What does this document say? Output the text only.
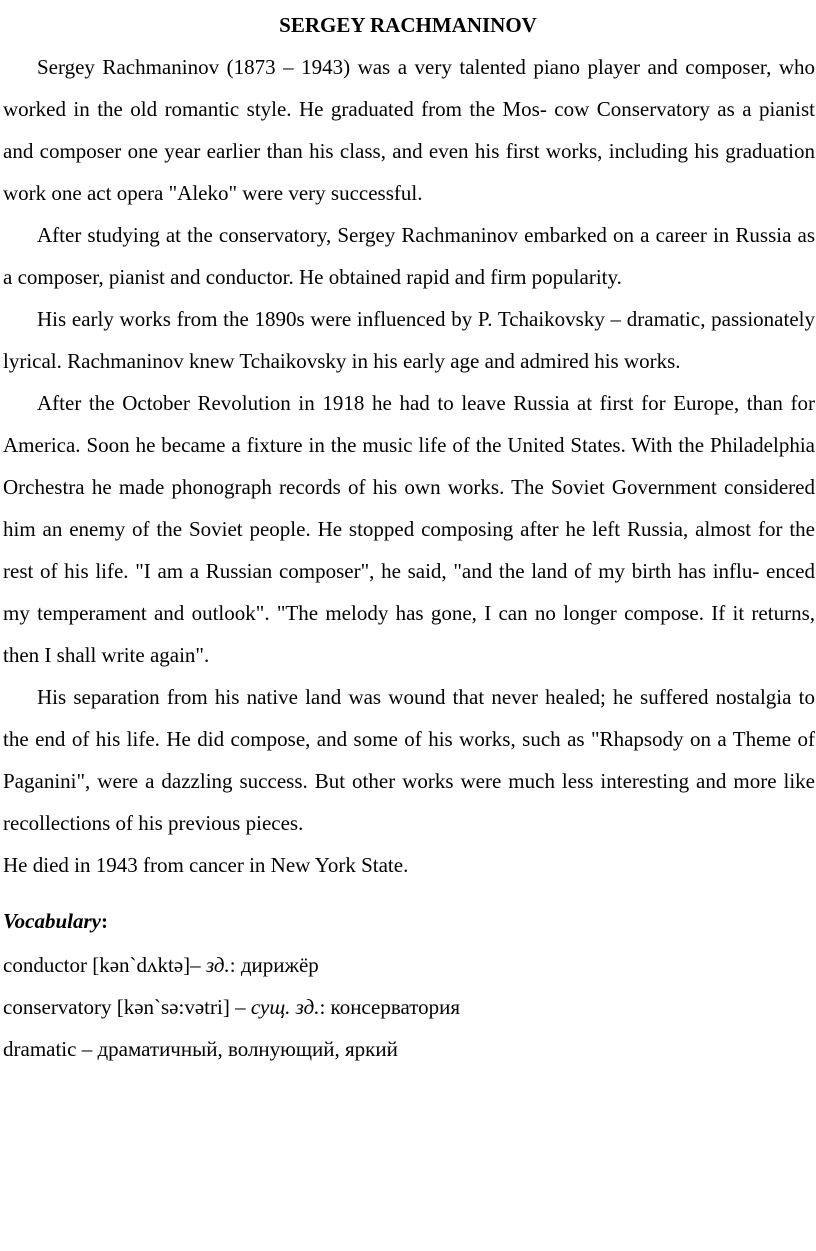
SERGEY RACHMANINOV

Sergey Rachmaninov (1873 – 1943) was a very talented piano player and composer, who worked in the old romantic style. He graduated from the Mos- cow Conservatory as a pianist and composer one year earlier than his class, and even his first works, including his graduation work one act opera "Aleko" were very successful.

After studying at the conservatory, Sergey Rachmaninov embarked on a career in Russia as a composer, pianist and conductor. He obtained rapid and firm popularity.

His early works from the 1890s were influenced by P. Tchaikovsky – dramatic, passionately lyrical. Rachmaninov knew Tchaikovsky in his early age and admired his works.

After the October Revolution in 1918 he had to leave Russia at first for Europe, than for America. Soon he became a fixture in the music life of the United States. With the Philadelphia Orchestra he made phonograph records of his own works. The Soviet Government considered him an enemy of the Soviet people. He stopped composing after he left Russia, almost for the rest of his life. "I am a Russian composer", he said, "and the land of my birth has influ- enced my temperament and outlook". "The melody has gone, I can no longer compose. If it returns, then I shall write again".

His separation from his native land was wound that never healed; he suffered nostalgia to the end of his life. He did compose, and some of his works, such as "Rhapsody on a Theme of Paganini", were a dazzling success. But other works were much less interesting and more like recollections of his previous pieces.

He died in 1943 from cancer in New York State.

Vocabulary:
conductor [kən`dʌktə]– зд.: дирижёр
conservatory [kən`sə:vətri] – сущ. зд.: консерватория
dramatic – драматичный, волнующий, яркий
